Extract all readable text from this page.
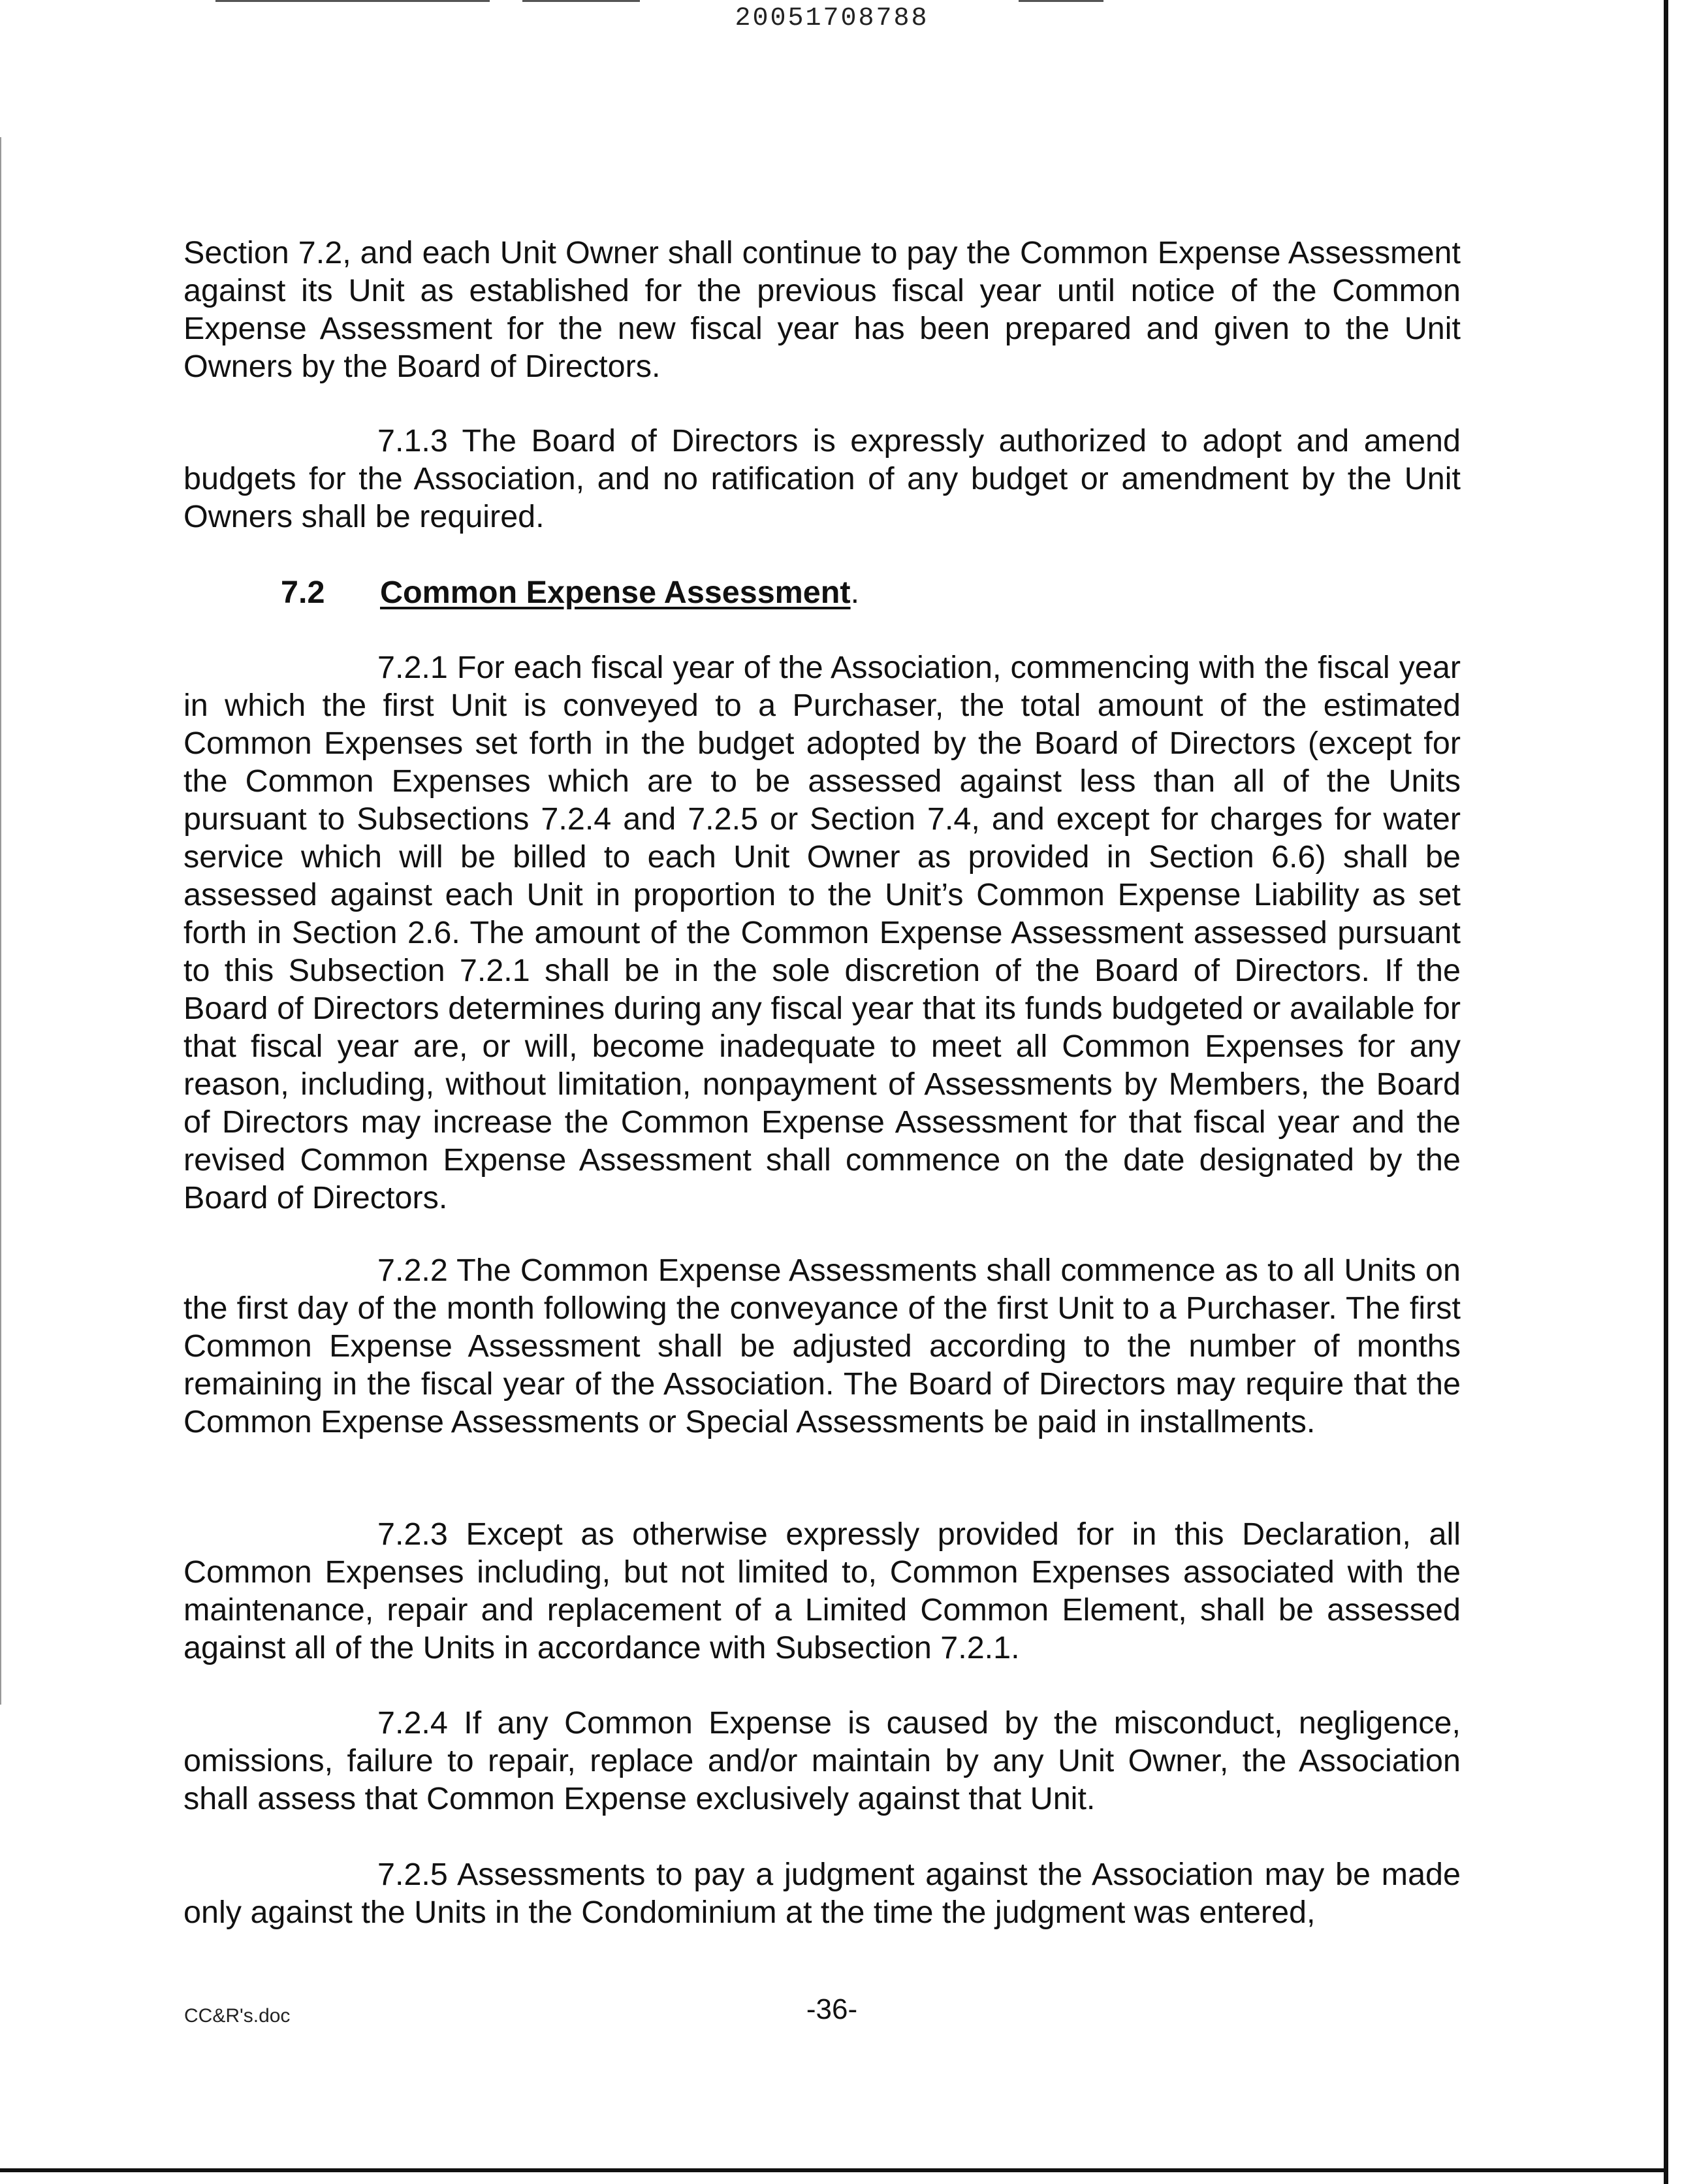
20051708788

Section 7.2, and each Unit Owner shall continue to pay the Common Expense Assessment against its Unit as established for the previous fiscal year until notice of the Common Expense Assessment for the new fiscal year has been prepared and given to the Unit Owners by the Board of Directors.

7.1.3 The Board of Directors is expressly authorized to adopt and amend budgets for the Association, and no ratification of any budget or amendment by the Unit Owners shall be required.

7.2 Common Expense Assessment.

7.2.1 For each fiscal year of the Association, commencing with the fiscal year in which the first Unit is conveyed to a Purchaser, the total amount of the estimated Common Expenses set forth in the budget adopted by the Board of Directors (except for the Common Expenses which are to be assessed against less than all of the Units pursuant to Subsections 7.2.4 and 7.2.5 or Section 7.4, and except for charges for water service which will be billed to each Unit Owner as provided in Section 6.6) shall be assessed against each Unit in proportion to the Unit’s Common Expense Liability as set forth in Section 2.6. The amount of the Common Expense Assessment assessed pursuant to this Subsection 7.2.1 shall be in the sole discretion of the Board of Directors. If the Board of Directors determines during any fiscal year that its funds budgeted or available for that fiscal year are, or will, become inadequate to meet all Common Expenses for any reason, including, without limitation, nonpayment of Assessments by Members, the Board of Directors may increase the Common Expense Assessment for that fiscal year and the revised Common Expense Assessment shall commence on the date designated by the Board of Directors.

7.2.2 The Common Expense Assessments shall commence as to all Units on the first day of the month following the conveyance of the first Unit to a Purchaser. The first Common Expense Assessment shall be adjusted according to the number of months remaining in the fiscal year of the Association. The Board of Directors may require that the Common Expense Assessments or Special Assessments be paid in installments.

7.2.3 Except as otherwise expressly provided for in this Declaration, all Common Expenses including, but not limited to, Common Expenses associated with the maintenance, repair and replacement of a Limited Common Element, shall be assessed against all of the Units in accordance with Subsection 7.2.1.

7.2.4 If any Common Expense is caused by the misconduct, negligence, omissions, failure to repair, replace and/or maintain by any Unit Owner, the Association shall assess that Common Expense exclusively against that Unit.

7.2.5 Assessments to pay a judgment against the Association may be made only against the Units in the Condominium at the time the judgment was entered,

CC&R's.doc	-36-
